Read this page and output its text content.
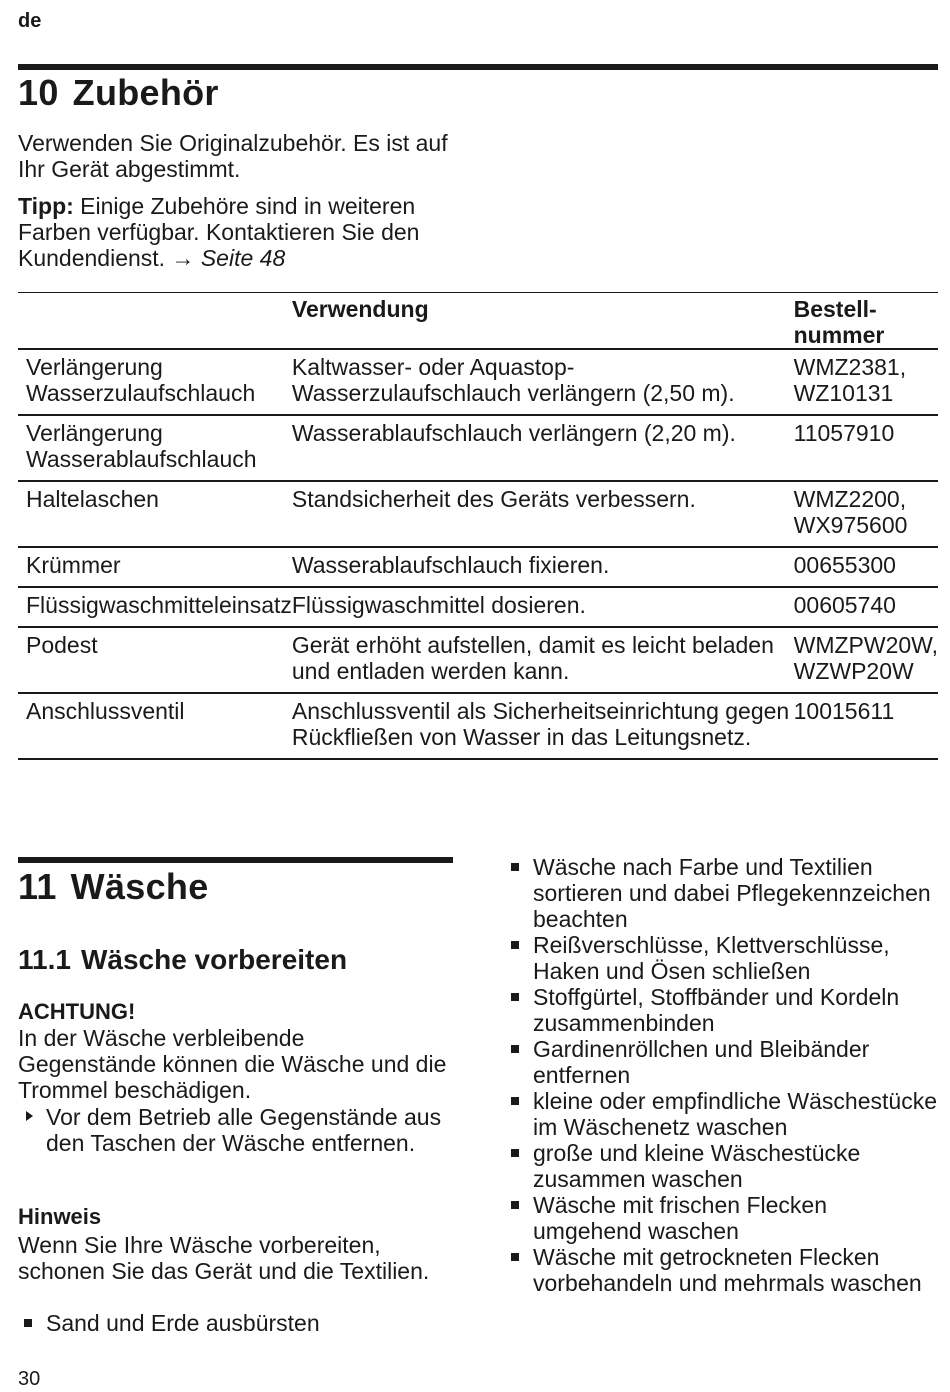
de
10 Zubehör
Verwenden Sie Originalzubehör. Es ist auf Ihr Gerät abgestimmt.
Tipp: Einige Zubehöre sind in weiteren Farben verfügbar. Kontaktieren Sie den Kundendienst. → Seite 48
	Verwendung	Bestell-nummer
Verlängerung Wasserzulaufschlauch	Kaltwasser- oder Aquastop-Wasserzulaufschlauch verlängern (2,50 m).	WMZ2381, WZ10131
Verlängerung Wasserablaufschlauch	Wasserablaufschlauch verlängern (2,20 m).	11057910
Haltelaschen	Standsicherheit des Geräts verbessern.	WMZ2200, WX975600
Krümmer	Wasserablaufschlauch fixieren.	00655300
Flüssigwaschmitteleinsatz	Flüssigwaschmittel dosieren.	00605740
Podest	Gerät erhöht aufstellen, damit es leicht beladen und entladen werden kann.	WMZPW20W, WZWP20W
Anschlussventil	Anschlussventil als Sicherheitseinrichtung gegen Rückfließen von Wasser in das Leitungsnetz.	10015611
11 Wäsche
11.1 Wäsche vorbereiten
ACHTUNG!
In der Wäsche verbleibende Gegenstände können die Wäsche und die Trommel beschädigen.
Vor dem Betrieb alle Gegenstände aus den Taschen der Wäsche entfernen.
Hinweis
Wenn Sie Ihre Wäsche vorbereiten, schonen Sie das Gerät und die Textilien.
Sand und Erde ausbürsten
Wäsche nach Farbe und Textilien sortieren und dabei Pflegekennzeichen beachten
Reißverschlüsse, Klettverschlüsse, Haken und Ösen schließen
Stoffgürtel, Stoffbänder und Kordeln zusammenbinden
Gardinenröllchen und Bleibänder entfernen
kleine oder empfindliche Wäschestücke im Wäschenetz waschen
große und kleine Wäschestücke zusammen waschen
Wäsche mit frischen Flecken umgehend waschen
Wäsche mit getrockneten Flecken vorbehandeln und mehrmals waschen
30
